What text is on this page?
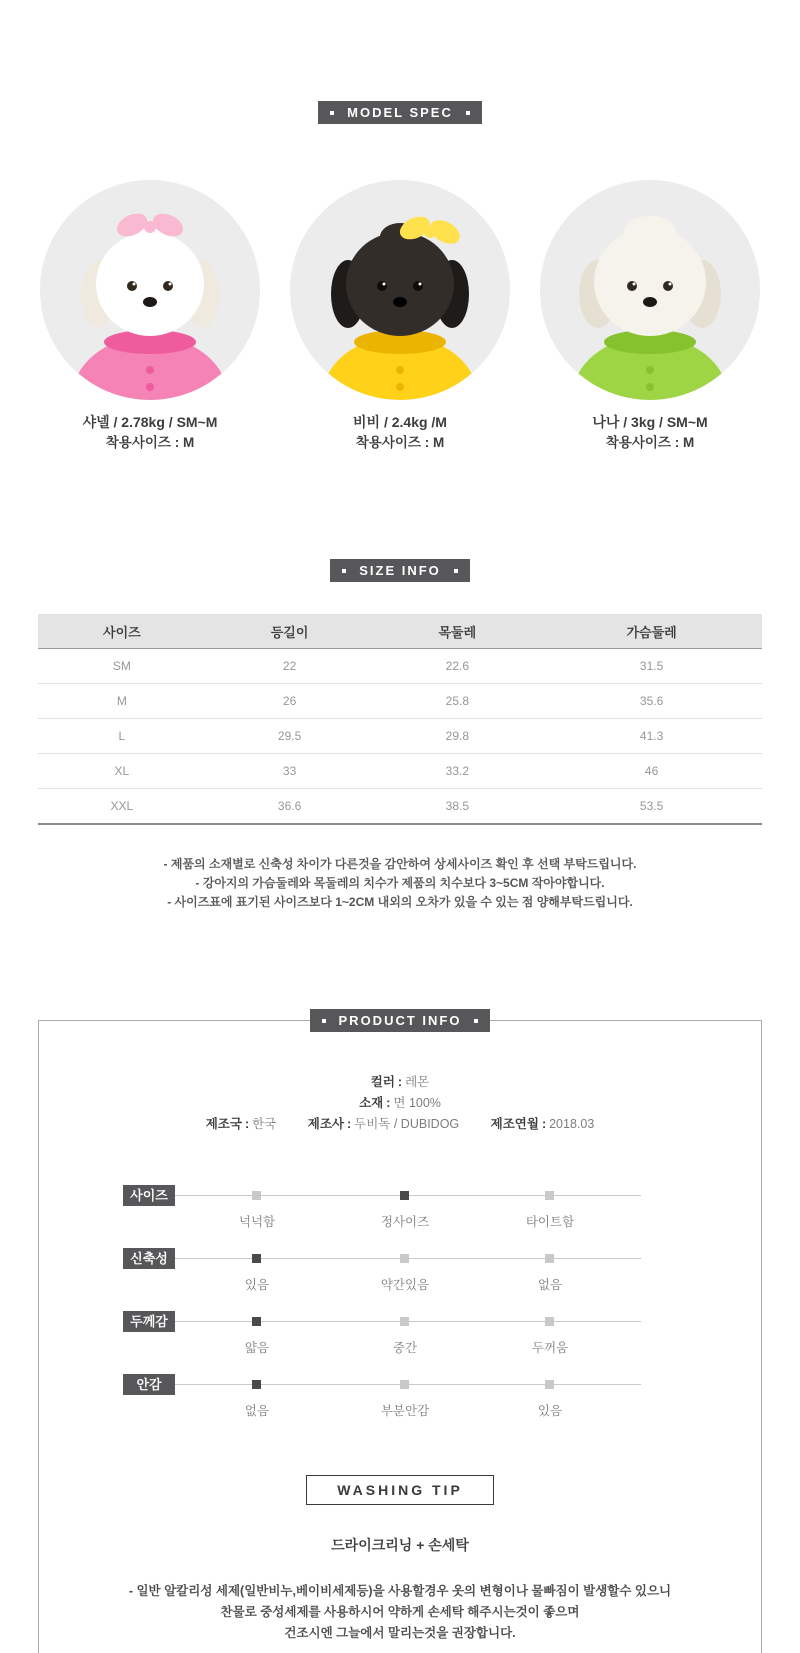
MODEL SPEC
샤넬 / 2.78kg / SM~M
착용사이즈 : M
비비 / 2.4kg /M
착용사이즈 : M
나나 / 3kg / SM~M
착용사이즈 : M
SIZE INFO
사이즈	등길이	목둘레	가슴둘레
SM	22	22.6	31.5
M	26	25.8	35.6
L	29.5	29.8	41.3
XL	33	33.2	46
XXL	36.6	38.5	53.5
- 제품의 소재별로 신축성 차이가 다른것을 감안하여 상세사이즈 확인 후 선택 부탁드립니다.
- 강아지의 가슴둘레와 목둘레의 치수가 제품의 치수보다 3~5CM 작아야합니다.
- 사이즈표에 표기된 사이즈보다 1~2CM 내외의 오차가 있을 수 있는 점 양해부탁드립니다.
PRODUCT INFO
컬러 : 레몬
소재 : 면 100%
제조국 : 한국	제조사 : 두비독 / DUBIDOG	제조연월 : 2018.03
사이즈
넉넉함	정사이즈	타이트함
신축성
있음	약간있음	없음
두께감
얇음	중간	두꺼움
안감
없음	부분안감	있음
WASHING TIP
드라이크리닝 + 손세탁
- 일반 알칼리성 세제(일반비누,베이비세제등)을 사용할경우 옷의 변형이나 물빠짐이 발생할수 있으니
찬물로 중성세제를 사용하시어 약하게 손세탁 해주시는것이 좋으며
건조시엔 그늘에서 말리는것을 권장합니다.
